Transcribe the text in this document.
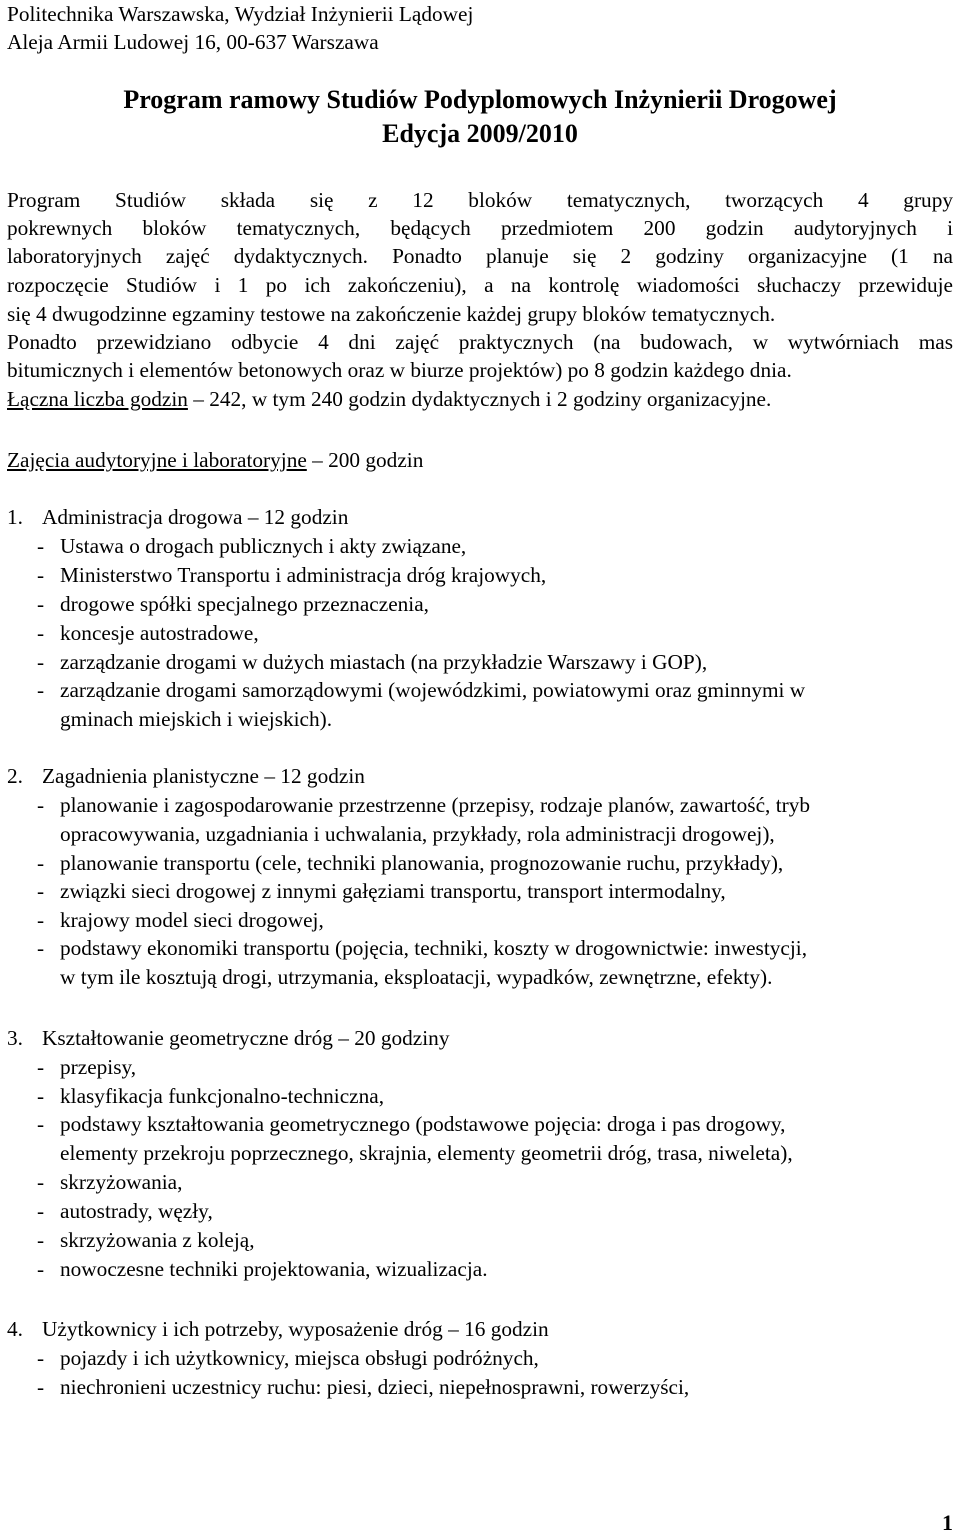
Politechnika Warszawska, Wydział Inżynierii Lądowej
Aleja Armii Ludowej 16, 00-637 Warszawa
Program ramowy Studiów Podyplomowych Inżynierii Drogowej
Edycja 2009/2010
Program Studiów składa się z 12 bloków tematycznych, tworzących 4 grupy
pokrewnych bloków tematycznych, będących przedmiotem 200 godzin audytoryjnych i
laboratoryjnych zajęć dydaktycznych. Ponadto planuje się 2 godziny organizacyjne (1 na
rozpoczęcie Studiów i 1 po ich zakończeniu), a na kontrolę wiadomości słuchaczy przewiduje
się 4 dwugodzinne egzaminy testowe na zakończenie każdej grupy bloków tematycznych.
Ponadto przewidziano odbycie 4 dni zajęć praktycznych (na budowach, w wytwórniach mas
bitumicznych i elementów betonowych oraz w biurze projektów) po 8 godzin każdego dnia.
Łączna liczba godzin – 242, w tym 240 godzin dydaktycznych i 2 godziny organizacyjne.
Zajęcia audytoryjne i laboratoryjne – 200 godzin
1. Administracja drogowa – 12 godzin
- Ustawa o drogach publicznych i akty związane,
- Ministerstwo Transportu i administracja dróg krajowych,
- drogowe spółki specjalnego przeznaczenia,
- koncesje autostradowe,
- zarządzanie drogami w dużych miastach (na przykładzie Warszawy i GOP),
- zarządzanie drogami samorządowymi (wojewódzkimi, powiatowymi oraz gminnymi w
gminach miejskich i wiejskich).
2. Zagadnienia planistyczne – 12 godzin
- planowanie i zagospodarowanie przestrzenne (przepisy, rodzaje planów, zawartość, tryb
opracowywania, uzgadniania i uchwalania, przykłady, rola administracji drogowej),
- planowanie transportu (cele, techniki planowania, prognozowanie ruchu, przykłady),
- związki sieci drogowej z innymi gałęziami transportu, transport intermodalny,
- krajowy model sieci drogowej,
- podstawy ekonomiki transportu (pojęcia, techniki, koszty w drogownictwie: inwestycji,
w tym ile kosztują drogi, utrzymania, eksploatacji, wypadków, zewnętrzne, efekty).
3. Kształtowanie geometryczne dróg – 20 godziny
- przepisy,
- klasyfikacja funkcjonalno-techniczna,
- podstawy kształtowania geometrycznego (podstawowe pojęcia: droga i pas drogowy,
elementy przekroju poprzecznego, skrajnia, elementy geometrii dróg, trasa, niweleta),
- skrzyżowania,
- autostrady, węzły,
- skrzyżowania z koleją,
- nowoczesne techniki projektowania, wizualizacja.
4. Użytkownicy i ich potrzeby, wyposażenie dróg – 16 godzin
- pojazdy i ich użytkownicy, miejsca obsługi podróżnych,
- niechronieni uczestnicy ruchu: piesi, dzieci, niepełnosprawni, rowerzyści,
1
